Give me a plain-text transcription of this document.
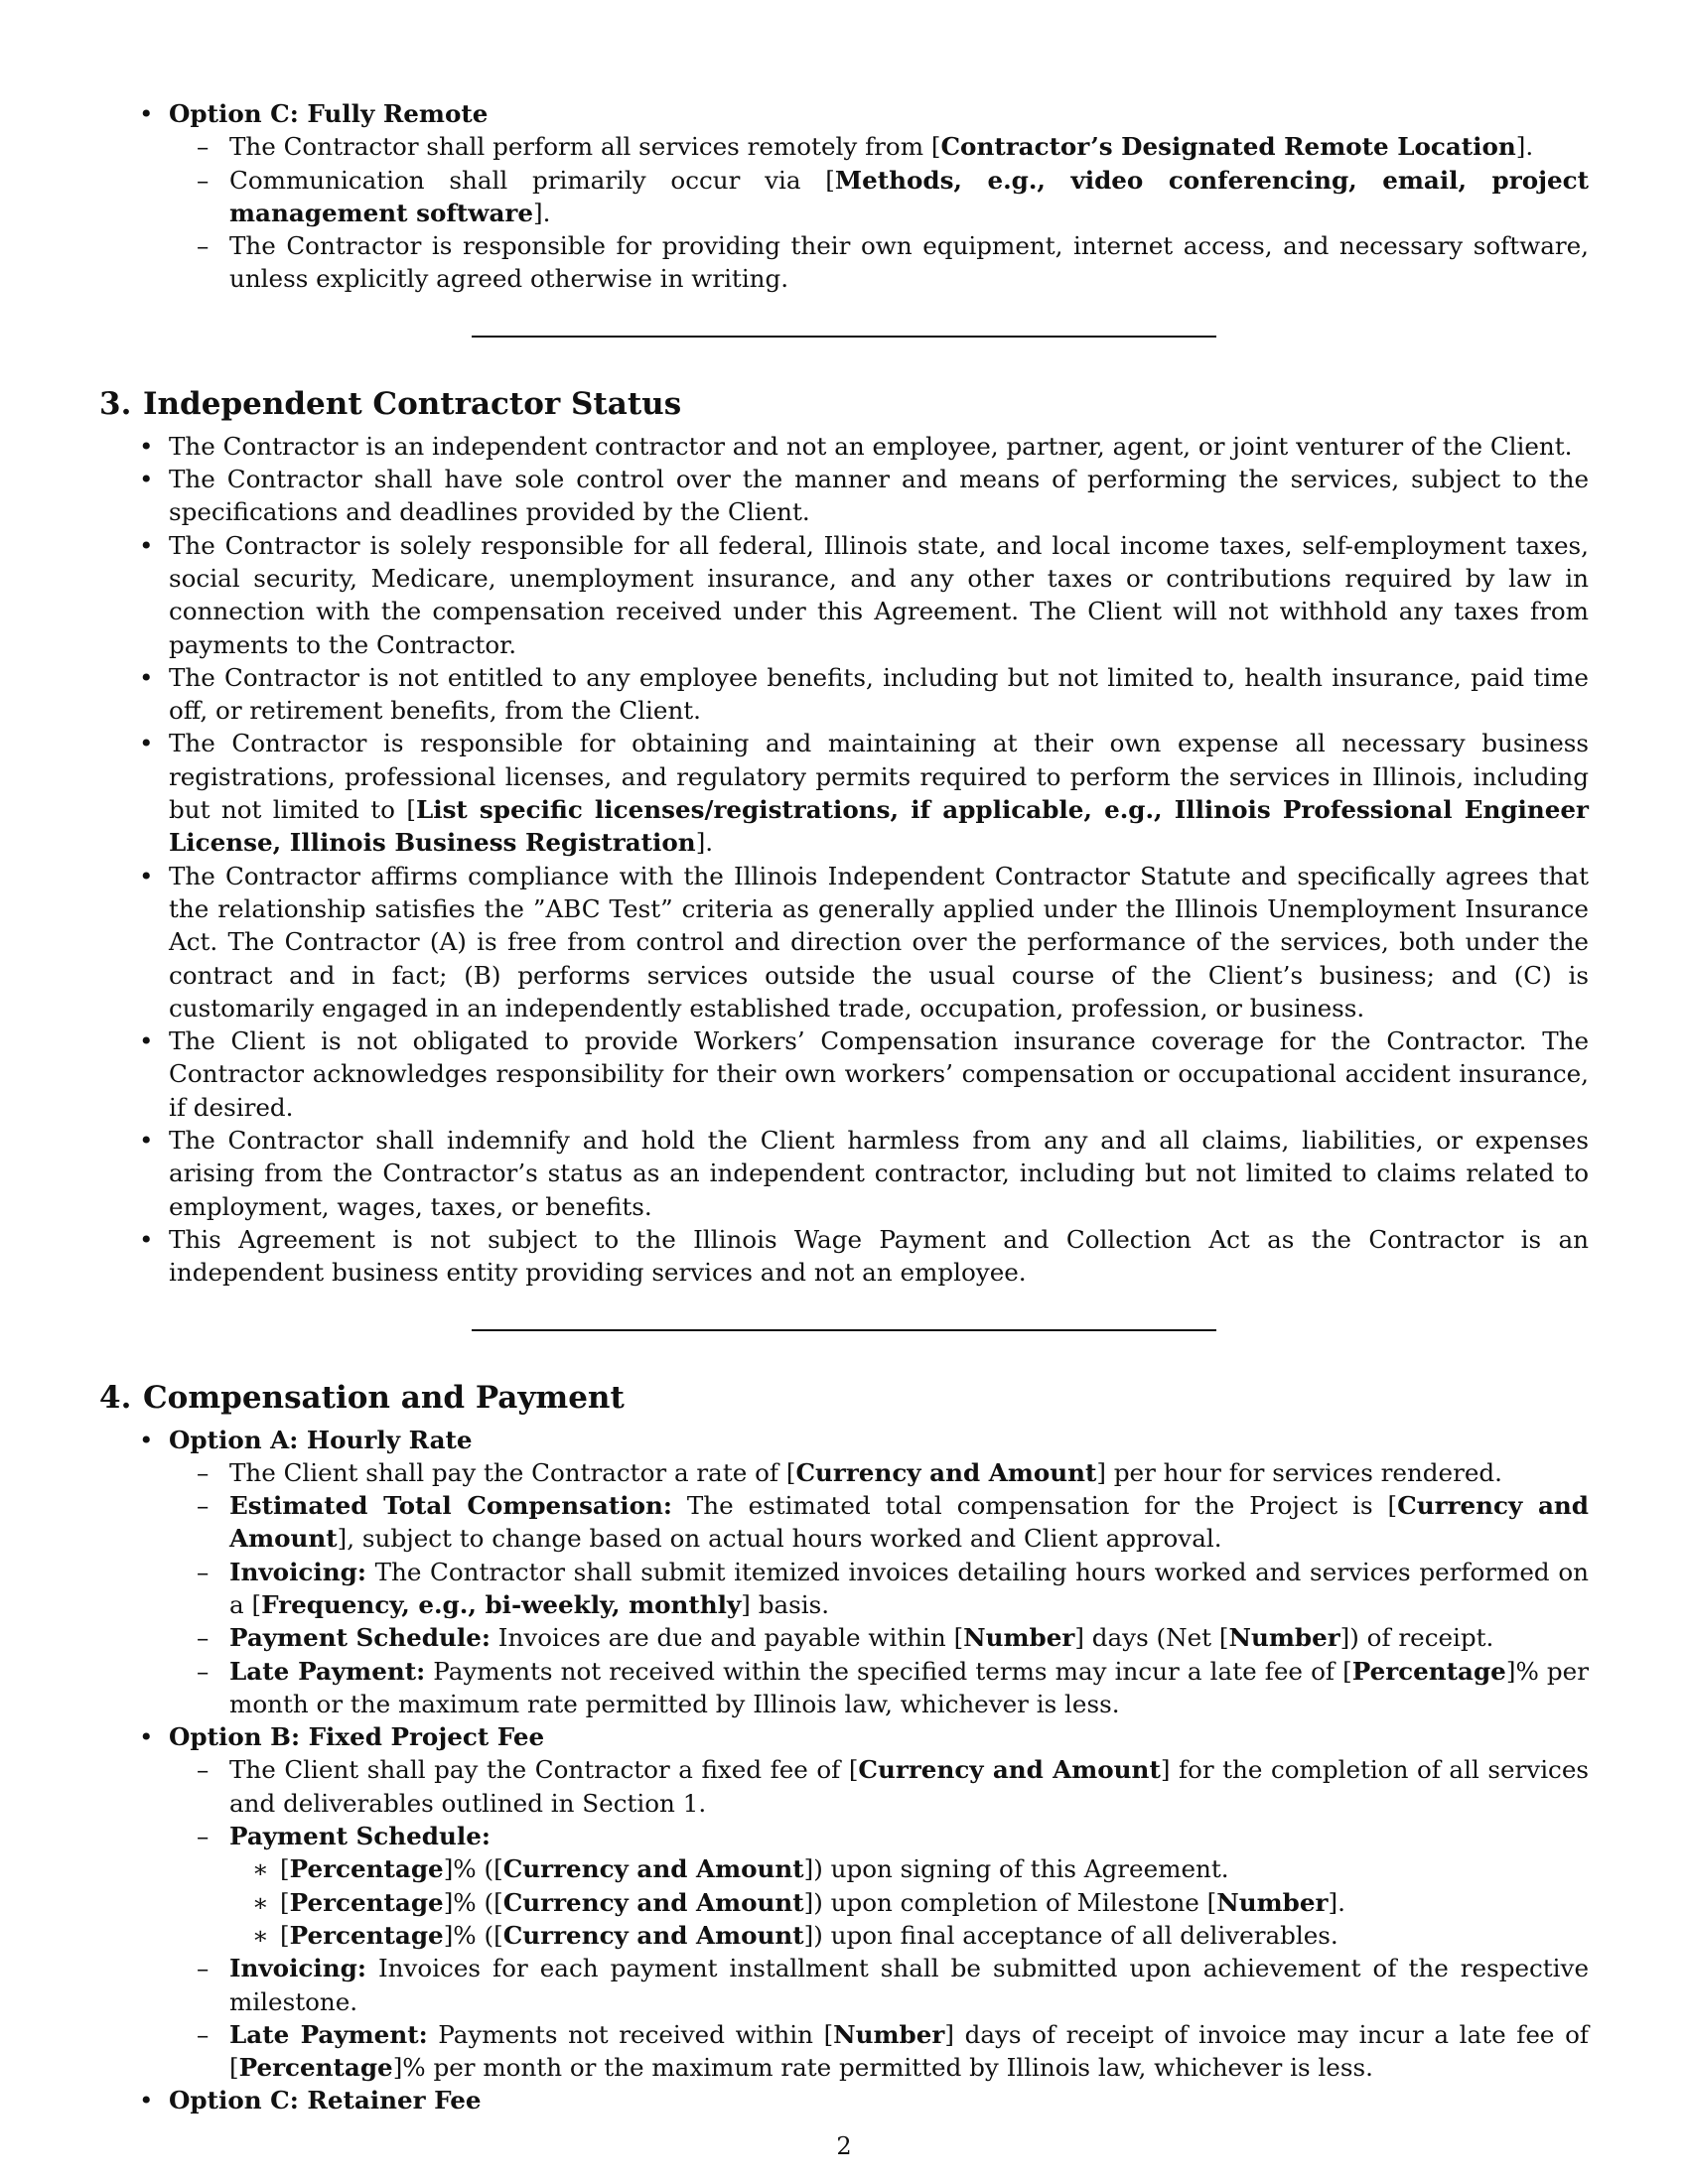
• Option C: Fully Remote
– The Contractor shall perform all services remotely from [Contractor’s Designated Remote Location].
– Communication shall primarily occur via [Methods, e.g., video conferencing, email, project management software].
– The Contractor is responsible for providing their own equipment, internet access, and necessary software, unless explicitly agreed otherwise in writing.
3. Independent Contractor Status
• The Contractor is an independent contractor and not an employee, partner, agent, or joint venturer of the Client.
• The Contractor shall have sole control over the manner and means of performing the services, subject to the specifications and deadlines provided by the Client.
• The Contractor is solely responsible for all federal, Illinois state, and local income taxes, self-employment taxes, social security, Medicare, unemployment insurance, and any other taxes or contributions required by law in connection with the compensation received under this Agreement. The Client will not withhold any taxes from payments to the Contractor.
• The Contractor is not entitled to any employee benefits, including but not limited to, health insurance, paid time off, or retirement benefits, from the Client.
• The Contractor is responsible for obtaining and maintaining at their own expense all necessary business registrations, professional licenses, and regulatory permits required to perform the services in Illinois, including but not limited to [List specific licenses/registrations, if applicable, e.g., Illinois Professional Engineer License, Illinois Business Registration].
• The Contractor affirms compliance with the Illinois Independent Contractor Statute and specifically agrees that the relationship satisfies the ”ABC Test” criteria as generally applied under the Illinois Unemployment Insurance Act. The Contractor (A) is free from control and direction over the performance of the services, both under the contract and in fact; (B) performs services outside the usual course of the Client’s business; and (C) is customarily engaged in an independently established trade, occupation, profession, or business.
• The Client is not obligated to provide Workers’ Compensation insurance coverage for the Contractor. The Contractor acknowledges responsibility for their own workers’ compensation or occupational accident insurance, if desired.
• The Contractor shall indemnify and hold the Client harmless from any and all claims, liabilities, or expenses arising from the Contractor’s status as an independent contractor, including but not limited to claims related to employment, wages, taxes, or benefits.
• This Agreement is not subject to the Illinois Wage Payment and Collection Act as the Contractor is an independent business entity providing services and not an employee.
4. Compensation and Payment
• Option A: Hourly Rate
– The Client shall pay the Contractor a rate of [Currency and Amount] per hour for services rendered.
– Estimated Total Compensation: The estimated total compensation for the Project is [Currency and Amount], subject to change based on actual hours worked and Client approval.
– Invoicing: The Contractor shall submit itemized invoices detailing hours worked and services performed on a [Frequency, e.g., bi-weekly, monthly] basis.
– Payment Schedule: Invoices are due and payable within [Number] days (Net [Number]) of receipt.
– Late Payment: Payments not received within the specified terms may incur a late fee of [Percentage]% per month or the maximum rate permitted by Illinois law, whichever is less.
• Option B: Fixed Project Fee
– The Client shall pay the Contractor a fixed fee of [Currency and Amount] for the completion of all services and deliverables outlined in Section 1.
– Payment Schedule:
∗ [Percentage]% ([Currency and Amount]) upon signing of this Agreement.
∗ [Percentage]% ([Currency and Amount]) upon completion of Milestone [Number].
∗ [Percentage]% ([Currency and Amount]) upon final acceptance of all deliverables.
– Invoicing: Invoices for each payment installment shall be submitted upon achievement of the respective milestone.
– Late Payment: Payments not received within [Number] days of receipt of invoice may incur a late fee of [Percentage]% per month or the maximum rate permitted by Illinois law, whichever is less.
• Option C: Retainer Fee
2
